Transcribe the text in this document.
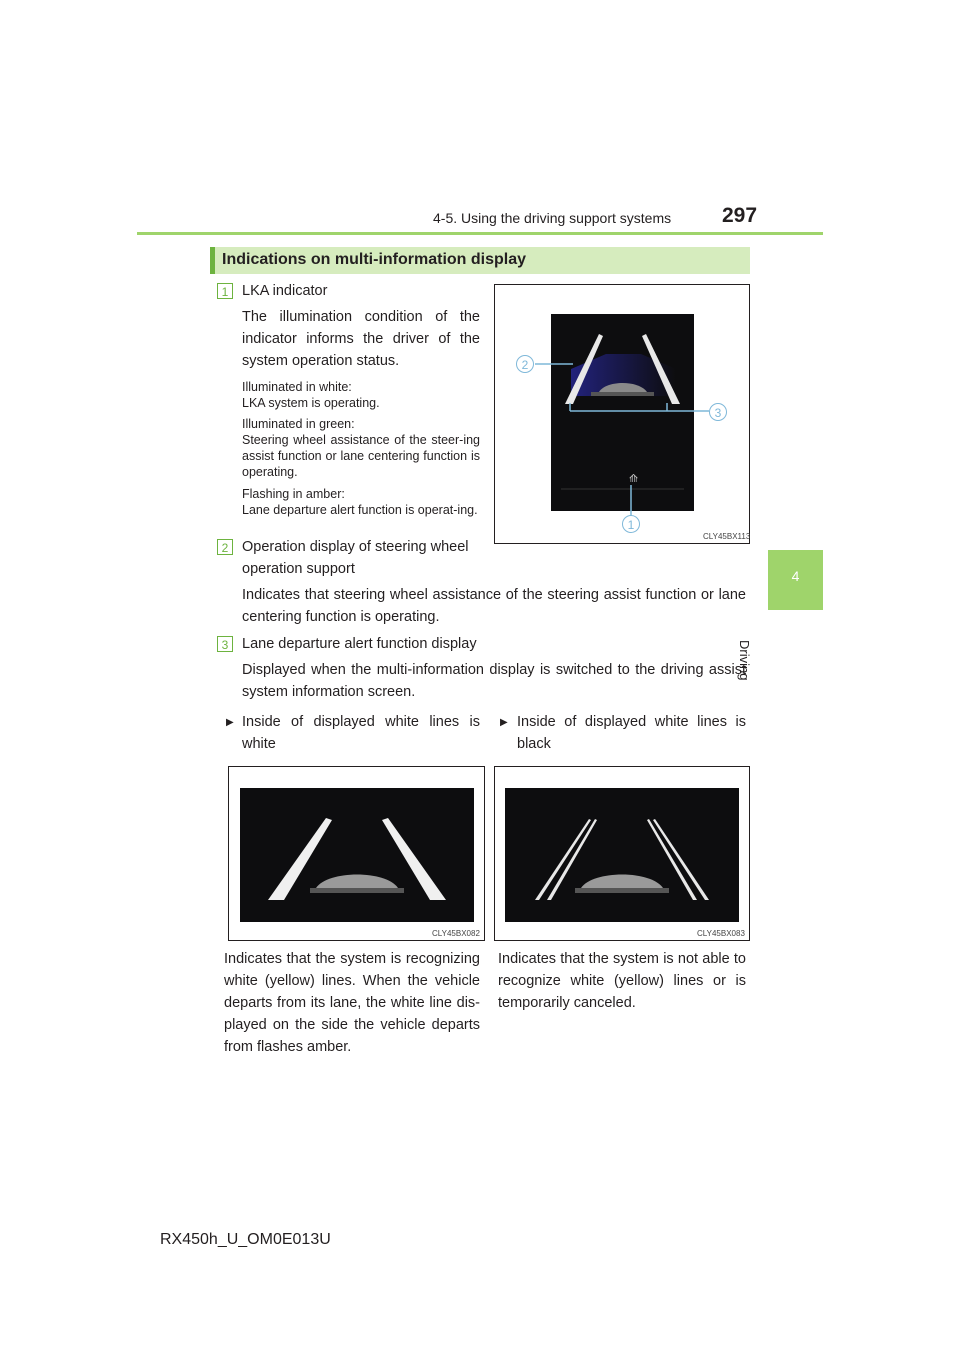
4-5. Using the driving support systems 297
4
Driving
Indications on multi-information display
1 LKA indicator
The illumination condition of the indicator informs the driver of the system operation status.
Illuminated in white:
LKA system is operating.
Illuminated in green:
Steering wheel assistance of the steer-ing assist function or lane centering function is operating.
Flashing in amber:
Lane departure alert function is operat-ing.
⟰
2
3
1
CLY45BX113
2 Operation display of steering wheel operation support
Indicates that steering wheel assistance of the steering assist function or lane centering function is operating.
3 Lane departure alert function display
Displayed when the multi-information display is switched to the driving assist system information screen.
▶ Inside of displayed white lines is white
▶ Inside of displayed white lines is black
CLY45BX082	CLY45BX083
Indicates that the system is recognizing white (yellow) lines. When the vehicle departs from its lane, the white line dis-played on the side the vehicle departs from flashes amber.
Indicates that the system is not able to recognize white (yellow) lines or is temporarily canceled.
RX450h_U_OM0E013U
